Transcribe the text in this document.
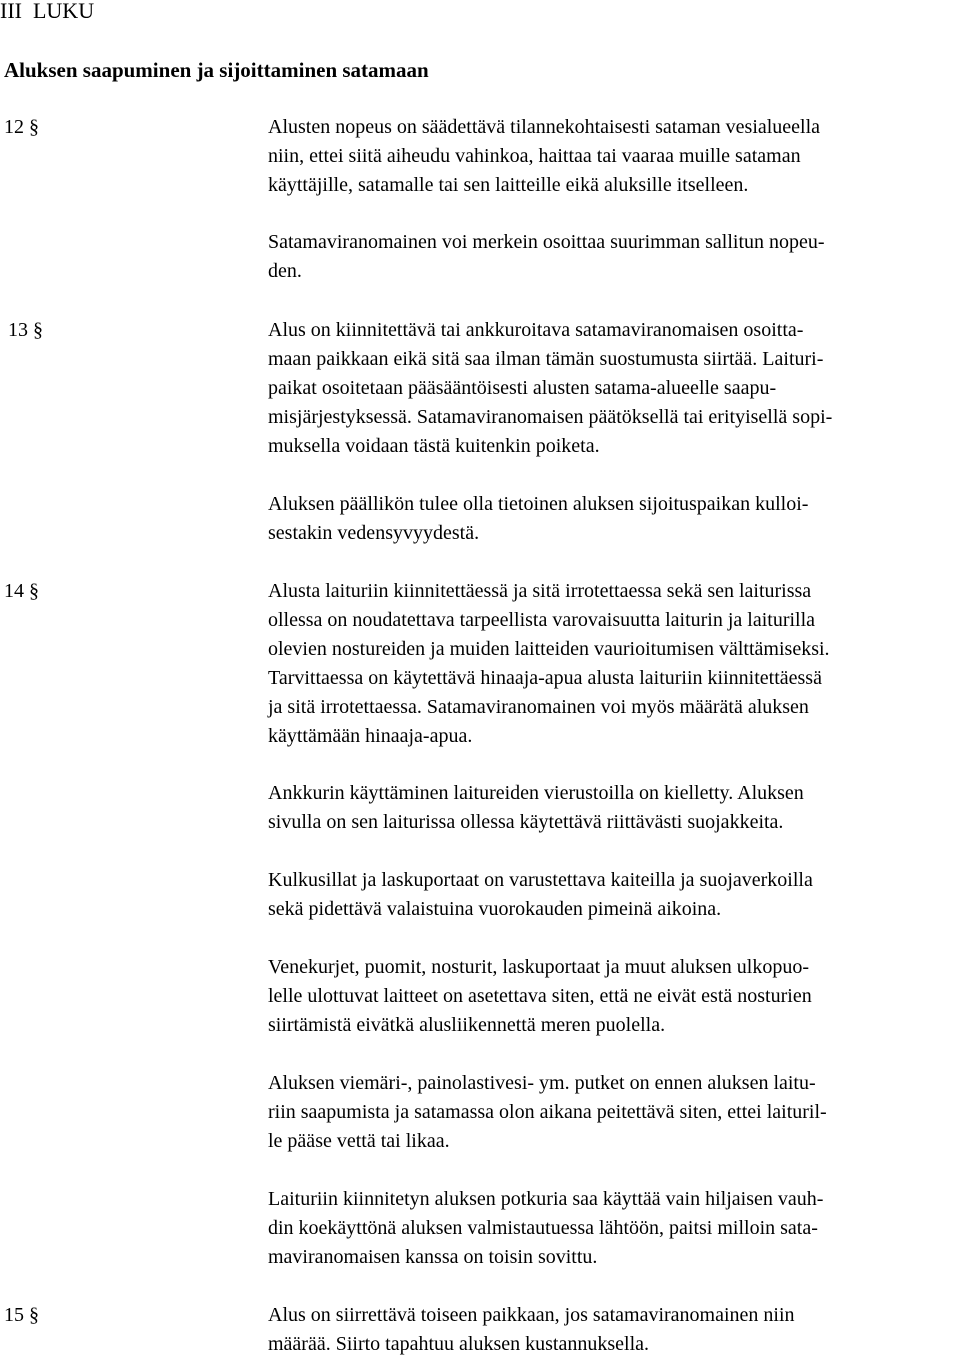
III  LUKU
Aluksen saapuminen ja sijoittaminen satamaan
12 §	Alusten nopeus on säädettävä tilannekohtaisesti sataman vesialueella
niin, ettei siitä aiheudu vahinkoa, haittaa tai vaaraa muille sataman
käyttäjille, satamalle tai sen laitteille eikä aluksille itselleen.

Satamaviranomainen voi merkein osoittaa suurimman sallitun nopeu-
den.

13 §	Alus on kiinnitettävä tai ankkuroitava satamaviranomaisen osoitta-
maan paikkaan eikä sitä saa ilman tämän suostumusta siirtää. Laituri-
paikat osoitetaan pääsääntöisesti alusten satama-alueelle saapu-
misjärjestyksessä. Satamaviranomaisen päätöksellä tai erityisellä sopi-
muksella voidaan tästä kuitenkin poiketa.

Aluksen päällikön tulee olla tietoinen aluksen sijoituspaikan kulloi-
sestakin vedensyvyydestä.

14 §	Alusta laituriin kiinnitettäessä ja sitä irrotettaessa sekä sen laiturissa
ollessa on noudatettava tarpeellista varovaisuutta laiturin ja laiturilla
olevien nostureiden ja muiden laitteiden vaurioitumisen välttämiseksi.
Tarvittaessa on käytettävä hinaaja-apua alusta laituriin kiinnitettäessä
ja sitä irrotettaessa. Satamaviranomainen voi myös määrätä aluksen
käyttämään hinaaja-apua.

Ankkurin käyttäminen laitureiden vierustoilla on kielletty. Aluksen
sivulla on sen laiturissa ollessa käytettävä riittävästi suojakkeita.

Kulkusillat ja laskuportaat on varustettava kaiteilla ja suojaverkoilla
sekä pidettävä valaistuina vuorokauden pimeinä aikoina.

Venekurjet, puomit, nosturit, laskuportaat ja muut aluksen ulkopuo-
lelle ulottuvat laitteet on asetettava siten, että ne eivät estä nosturien
siirtämistä eivätkä alusliikennettä meren puolella.

Aluksen viemäri-, painolastivesi- ym. putket on ennen aluksen laitu-
riin saapumista ja satamassa olon aikana peitettävä siten, ettei laituril-
le pääse vettä tai likaa.

Laituriin kiinnitetyn aluksen potkuria saa käyttää vain hiljaisen vauh-
din koekäyttönä aluksen valmistautuessa lähtöön, paitsi milloin sata-
maviranomaisen kanssa on toisin sovittu.

15 §	Alus on siirrettävä toiseen paikkaan, jos satamaviranomainen niin
määrää. Siirto tapahtuu aluksen kustannuksella.
